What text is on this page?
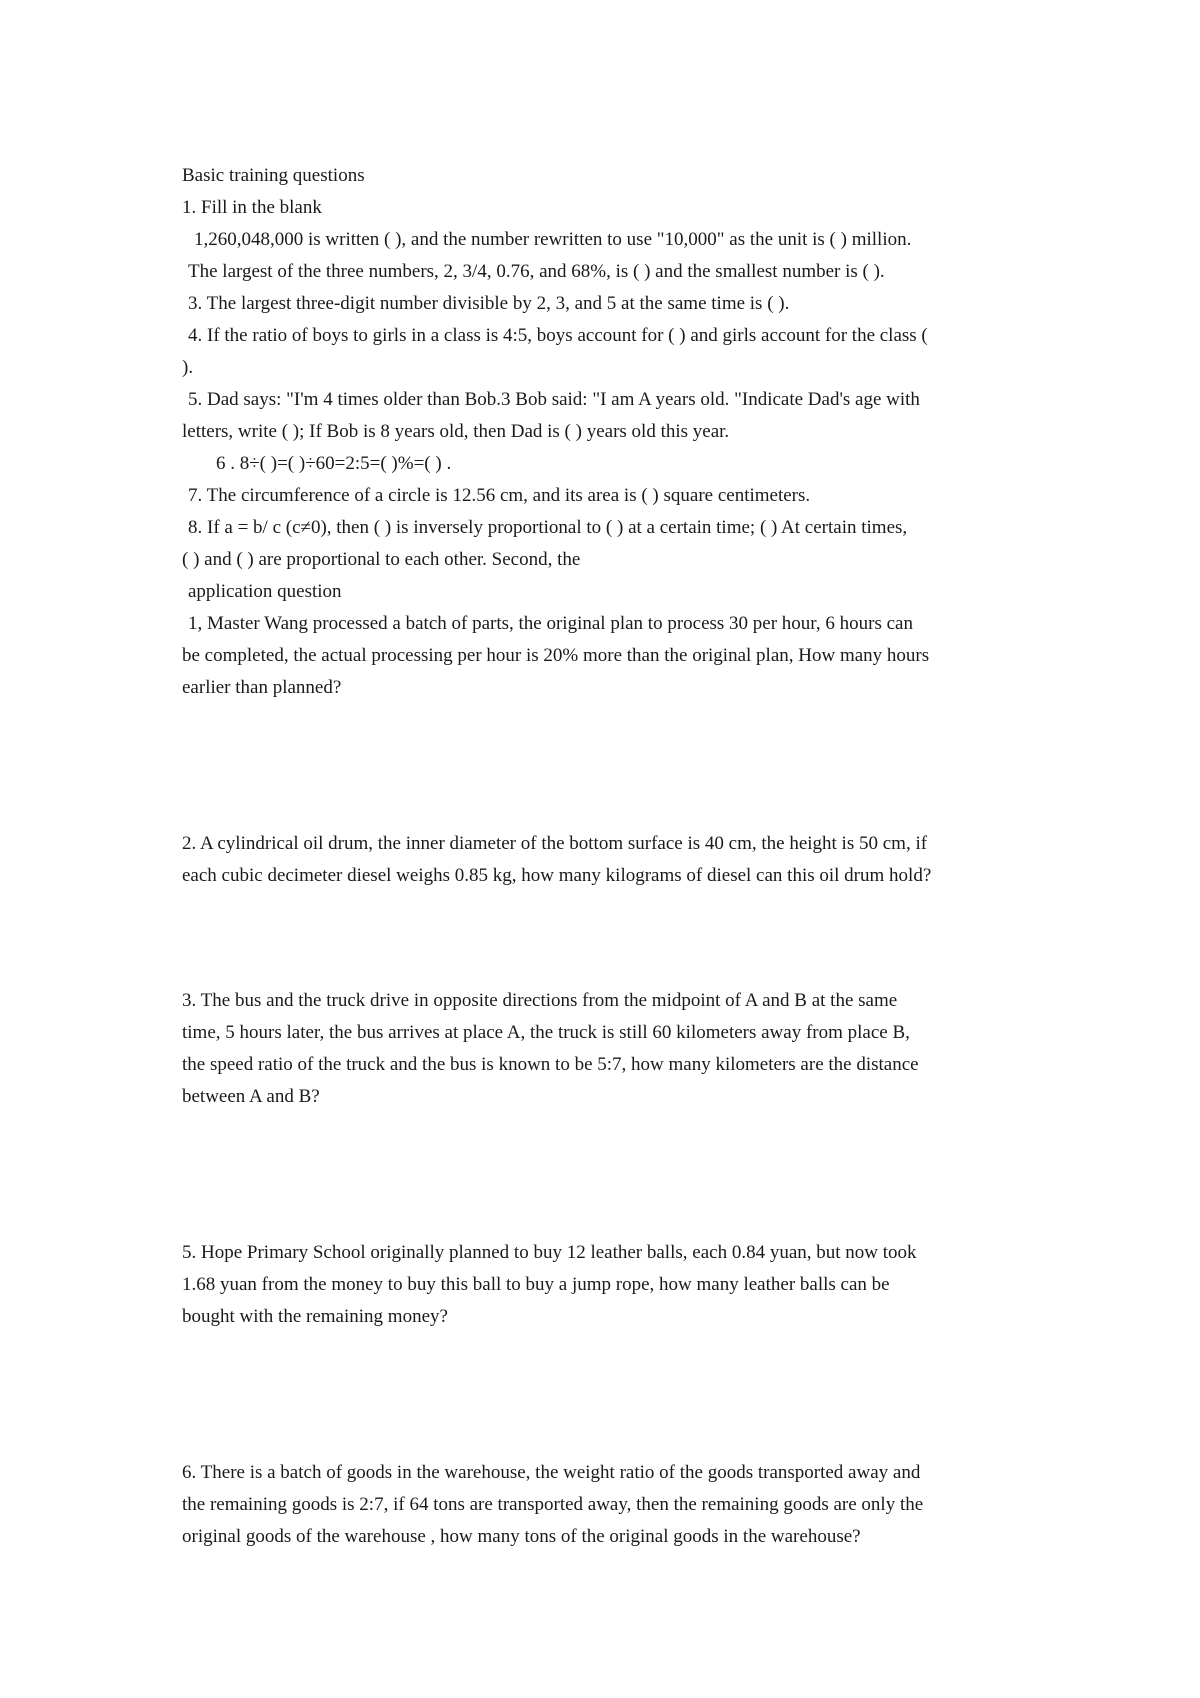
Basic training questions
1. Fill in the blank
1,260,048,000 is written ( ), and the number rewritten to use "10,000" as the unit is ( ) million.
The largest of the three numbers, 2, 3/4, 0.76, and 68%, is ( ) and the smallest number is ( ).
3. The largest three-digit number divisible by 2, 3, and 5 at the same time is ( ).
4. If the ratio of boys to girls in a class is 4:5, boys account for ( ) and girls account for the class (
).
5. Dad says: "I'm 4 times older than Bob.3 Bob said: "I am A years old. "Indicate Dad's age with
letters, write ( ); If Bob is 8 years old, then Dad is ( ) years old this year.
6 . 8÷( )=( )÷60=2:5=( )%=( ) .
7. The circumference of a circle is 12.56 cm, and its area is ( ) square centimeters.
8. If a = b/ c (c≠0), then ( ) is inversely proportional to ( ) at a certain time; ( ) At certain times,
( ) and ( ) are proportional to each other. Second, the
application question
1, Master Wang processed a batch of parts, the original plan to process 30 per hour, 6 hours can
be completed, the actual processing per hour is 20% more than the original plan, How many hours
earlier than planned?
2. A cylindrical oil drum, the inner diameter of the bottom surface is 40 cm, the height is 50 cm, if
each cubic decimeter diesel weighs 0.85 kg, how many kilograms of diesel can this oil drum hold?
3. The bus and the truck drive in opposite directions from the midpoint of A and B at the same
time, 5 hours later, the bus arrives at place A, the truck is still 60 kilometers away from place B,
the speed ratio of the truck and the bus is known to be 5:7, how many kilometers are the distance
between A and B?
5. Hope Primary School originally planned to buy 12 leather balls, each 0.84 yuan, but now took
1.68 yuan from the money to buy this ball to buy a jump rope, how many leather balls can be
bought with the remaining money?
6. There is a batch of goods in the warehouse, the weight ratio of the goods transported away and
the remaining goods is 2:7, if 64 tons are transported away, then the remaining goods are only the
original goods of the warehouse , how many tons of the original goods in the warehouse?
